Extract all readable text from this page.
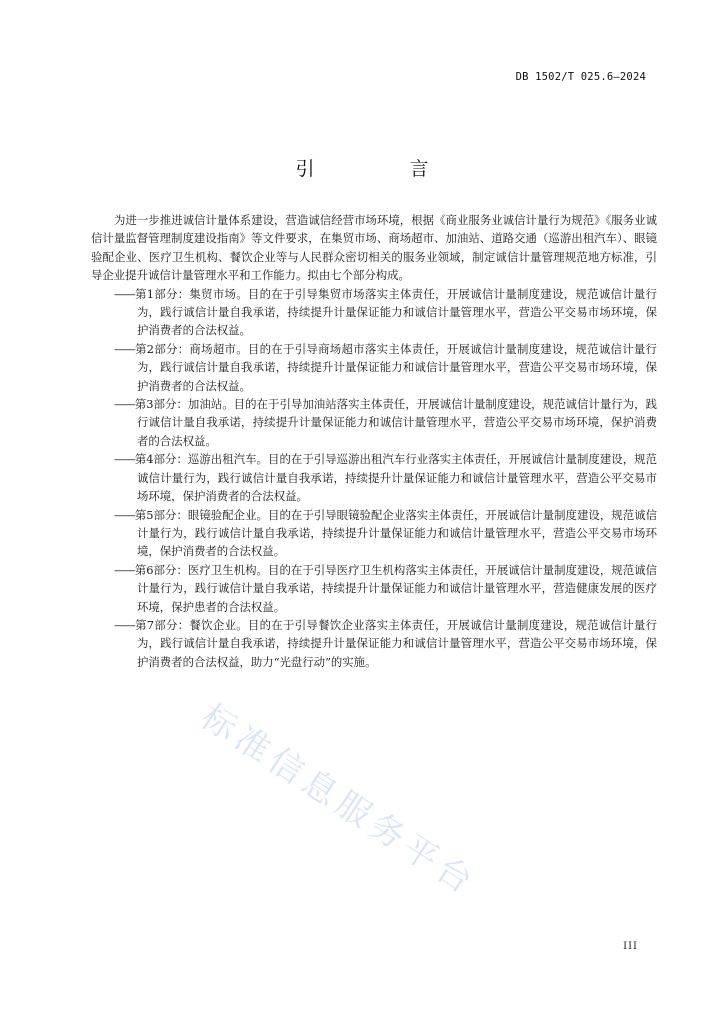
DB 1502/T 025.6—2024
引　言

为进一步推进诚信计量体系建设，营造诚信经营市场环境，根据《商业服务业诚信计量行为规范》《服务业诚信计量监督管理制度建设指南》等文件要求，在集贸市场、商场超市、加油站、道路交通（巡游出租汽车）、眼镜验配企业、医疗卫生机构、餐饮企业等与人民群众密切相关的服务业领域，制定诚信计量管理规范地方标准，引导企业提升诚信计量管理水平和工作能力。拟由七个部分构成。

——第1部分：集贸市场。目的在于引导集贸市场落实主体责任，开展诚信计量制度建设，规范诚信计量行为，践行诚信计量自我承诺，持续提升计量保证能力和诚信计量管理水平，营造公平交易市场环境，保护消费者的合法权益。

——第2部分：商场超市。目的在于引导商场超市落实主体责任，开展诚信计量制度建设，规范诚信计量行为，践行诚信计量自我承诺，持续提升计量保证能力和诚信计量管理水平，营造公平交易市场环境，保护消费者的合法权益。

——第3部分：加油站。目的在于引导加油站落实主体责任，开展诚信计量制度建设，规范诚信计量行为，践行诚信计量自我承诺，持续提升计量保证能力和诚信计量管理水平，营造公平交易市场环境，保护消费者的合法权益。

——第4部分：巡游出租汽车。目的在于引导巡游出租汽车行业落实主体责任，开展诚信计量制度建设，规范诚信计量行为，践行诚信计量自我承诺，持续提升计量保证能力和诚信计量管理水平，营造公平交易市场环境，保护消费者的合法权益。

——第5部分：眼镜验配企业。目的在于引导眼镜验配企业落实主体责任，开展诚信计量制度建设，规范诚信计量行为，践行诚信计量自我承诺，持续提升计量保证能力和诚信计量管理水平，营造公平交易市场环境，保护消费者的合法权益。

——第6部分：医疗卫生机构。目的在于引导医疗卫生机构落实主体责任，开展诚信计量制度建设，规范诚信计量行为，践行诚信计量自我承诺，持续提升计量保证能力和诚信计量管理水平，营造健康发展的医疗环境，保护患者的合法权益。

——第7部分：餐饮企业。目的在于引导餐饮企业落实主体责任，开展诚信计量制度建设，规范诚信计量行为，践行诚信计量自我承诺，持续提升计量保证能力和诚信计量管理水平，营造公平交易市场环境，保护消费者的合法权益，助力“光盘行动”的实施。

标准信息服务平台
III
